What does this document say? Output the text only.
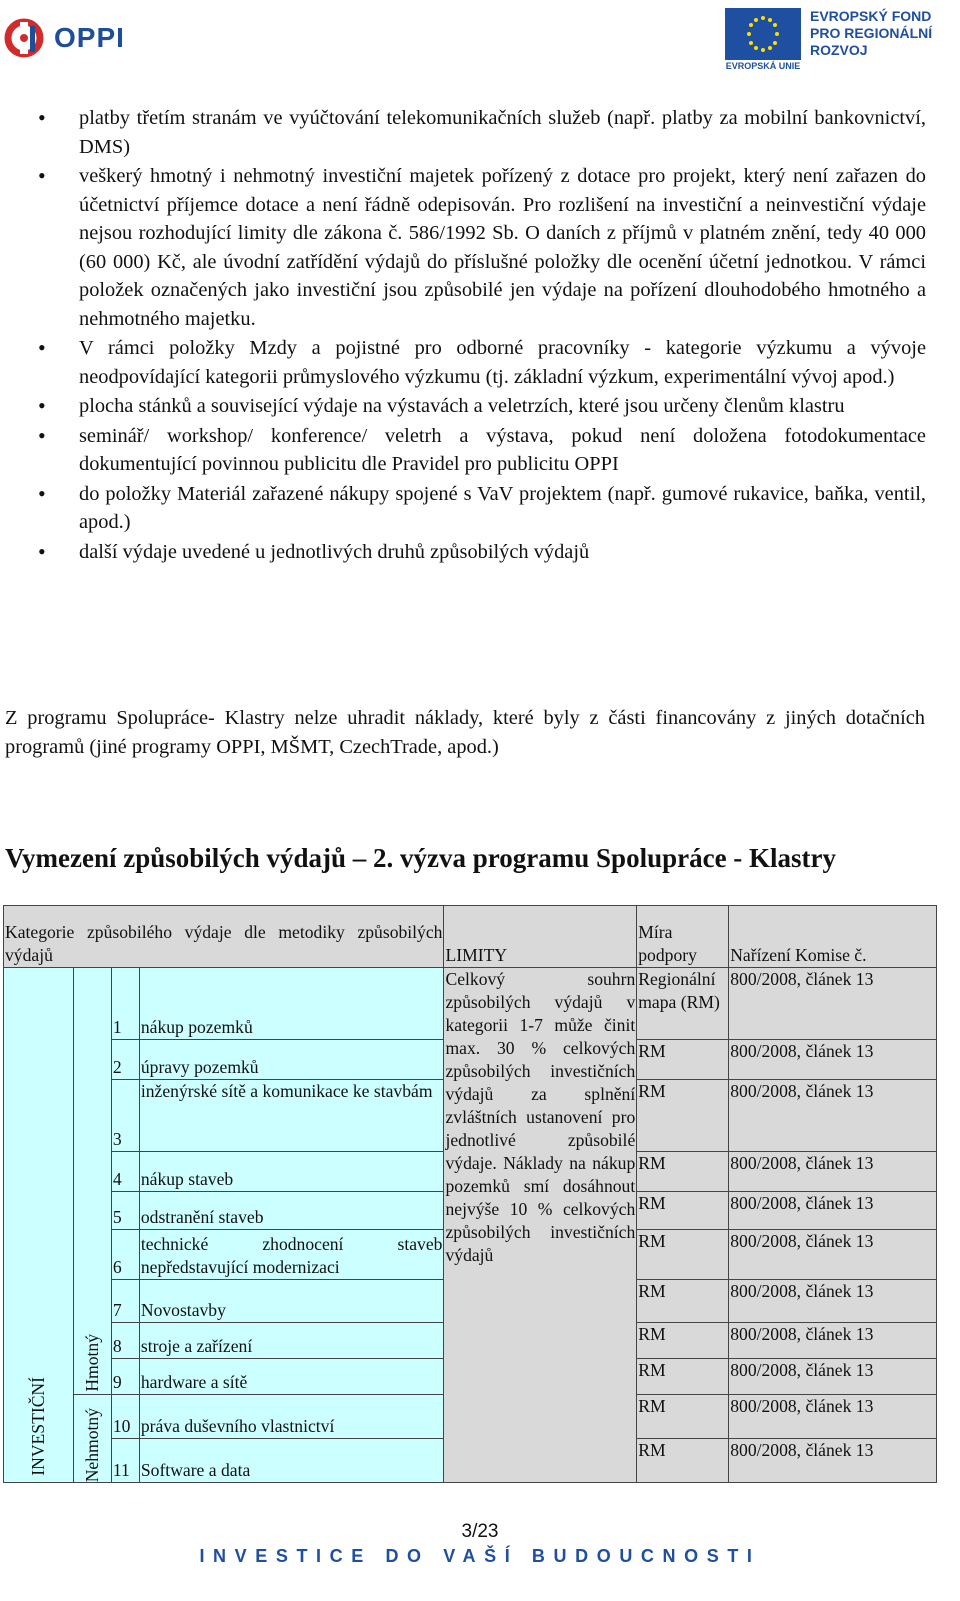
OPPI
EVROPSKÁ UNIE
EVROPSKÝ FOND
PRO REGIONÁLNÍ
ROZVOJ
• platby třetím stranám ve vyúčtování telekomunikačních služeb (např. platby za mobilní bankovnictví, DMS)
• veškerý hmotný i nehmotný investiční majetek pořízený z dotace pro projekt, který není zařazen do účetnictví příjemce dotace a není řádně odepisován. Pro rozlišení na investiční a neinvestiční výdaje nejsou rozhodující limity dle zákona č. 586/1992 Sb. O daních z příjmů v platném znění, tedy 40 000 (60 000) Kč, ale úvodní zatřídění výdajů do příslušné položky dle ocenění účetní jednotkou. V rámci položek označených jako investiční jsou způsobilé jen výdaje na pořízení dlouhodobého hmotného a nehmotného majetku.
• V rámci položky Mzdy a pojistné pro odborné pracovníky - kategorie výzkumu a vývoje neodpovídající kategorii průmyslového výzkumu (tj. základní výzkum, experimentální vývoj apod.)
• plocha stánků a související výdaje na výstavách a veletrzích, které jsou určeny členům klastru
• seminář/ workshop/ konference/ veletrh a výstava, pokud není doložena fotodokumentace dokumentující povinnou publicitu dle Pravidel pro publicitu OPPI
• do položky Materiál zařazené nákupy spojené s VaV projektem (např. gumové rukavice, baňka, ventil, apod.)
• další výdaje uvedené u jednotlivých druhů způsobilých výdajů

Z programu Spolupráce- Klastry nelze uhradit náklady, které byly z části financovány z jiných dotačních programů (jiné programy OPPI, MŠMT, CzechTrade, apod.)

Vymezení způsobilých výdajů – 2. výzva programu Spolupráce - Klastry
Kategorie způsobilého výdaje dle metodiky způsobilých výdajů				LIMITY	Míra podpory	Nařízení Komise č.

INVESTIČNÍ	Hmotný	1	nákup pozemků	Celkový souhrn způsobilých výdajů v kategorii 1-7 může činit max. 30 % celkových způsobilých investičních výdajů za splnění zvláštních ustanovení pro jednotlivé způsobilé výdaje. Náklady na nákup pozemků smí dosáhnout nejvýše 10 % celkových způsobilých investičních výdajů	Regionální mapa (RM)	800/2008, článek 13
		2	úpravy pozemků		RM	800/2008, článek 13
		3	inženýrské sítě a komunikace ke stavbám		RM	800/2008, článek 13
		4	nákup staveb		RM	800/2008, článek 13
		5	odstranění staveb		RM	800/2008, článek 13
		6	technické zhodnocení staveb nepředstavující modernizaci		RM	800/2008, článek 13
		7	Novostavby		RM	800/2008, článek 13
		8	stroje a zařízení		RM	800/2008, článek 13
		9	hardware a sítě		RM	800/2008, článek 13

	Nehmotný	10	práva duševního vlastnictví		RM	800/2008, článek 13
		11	Software a data		RM	800/2008, článek 13
3/23
INVESTICE DO VAŠÍ BUDOUCNOSTI
